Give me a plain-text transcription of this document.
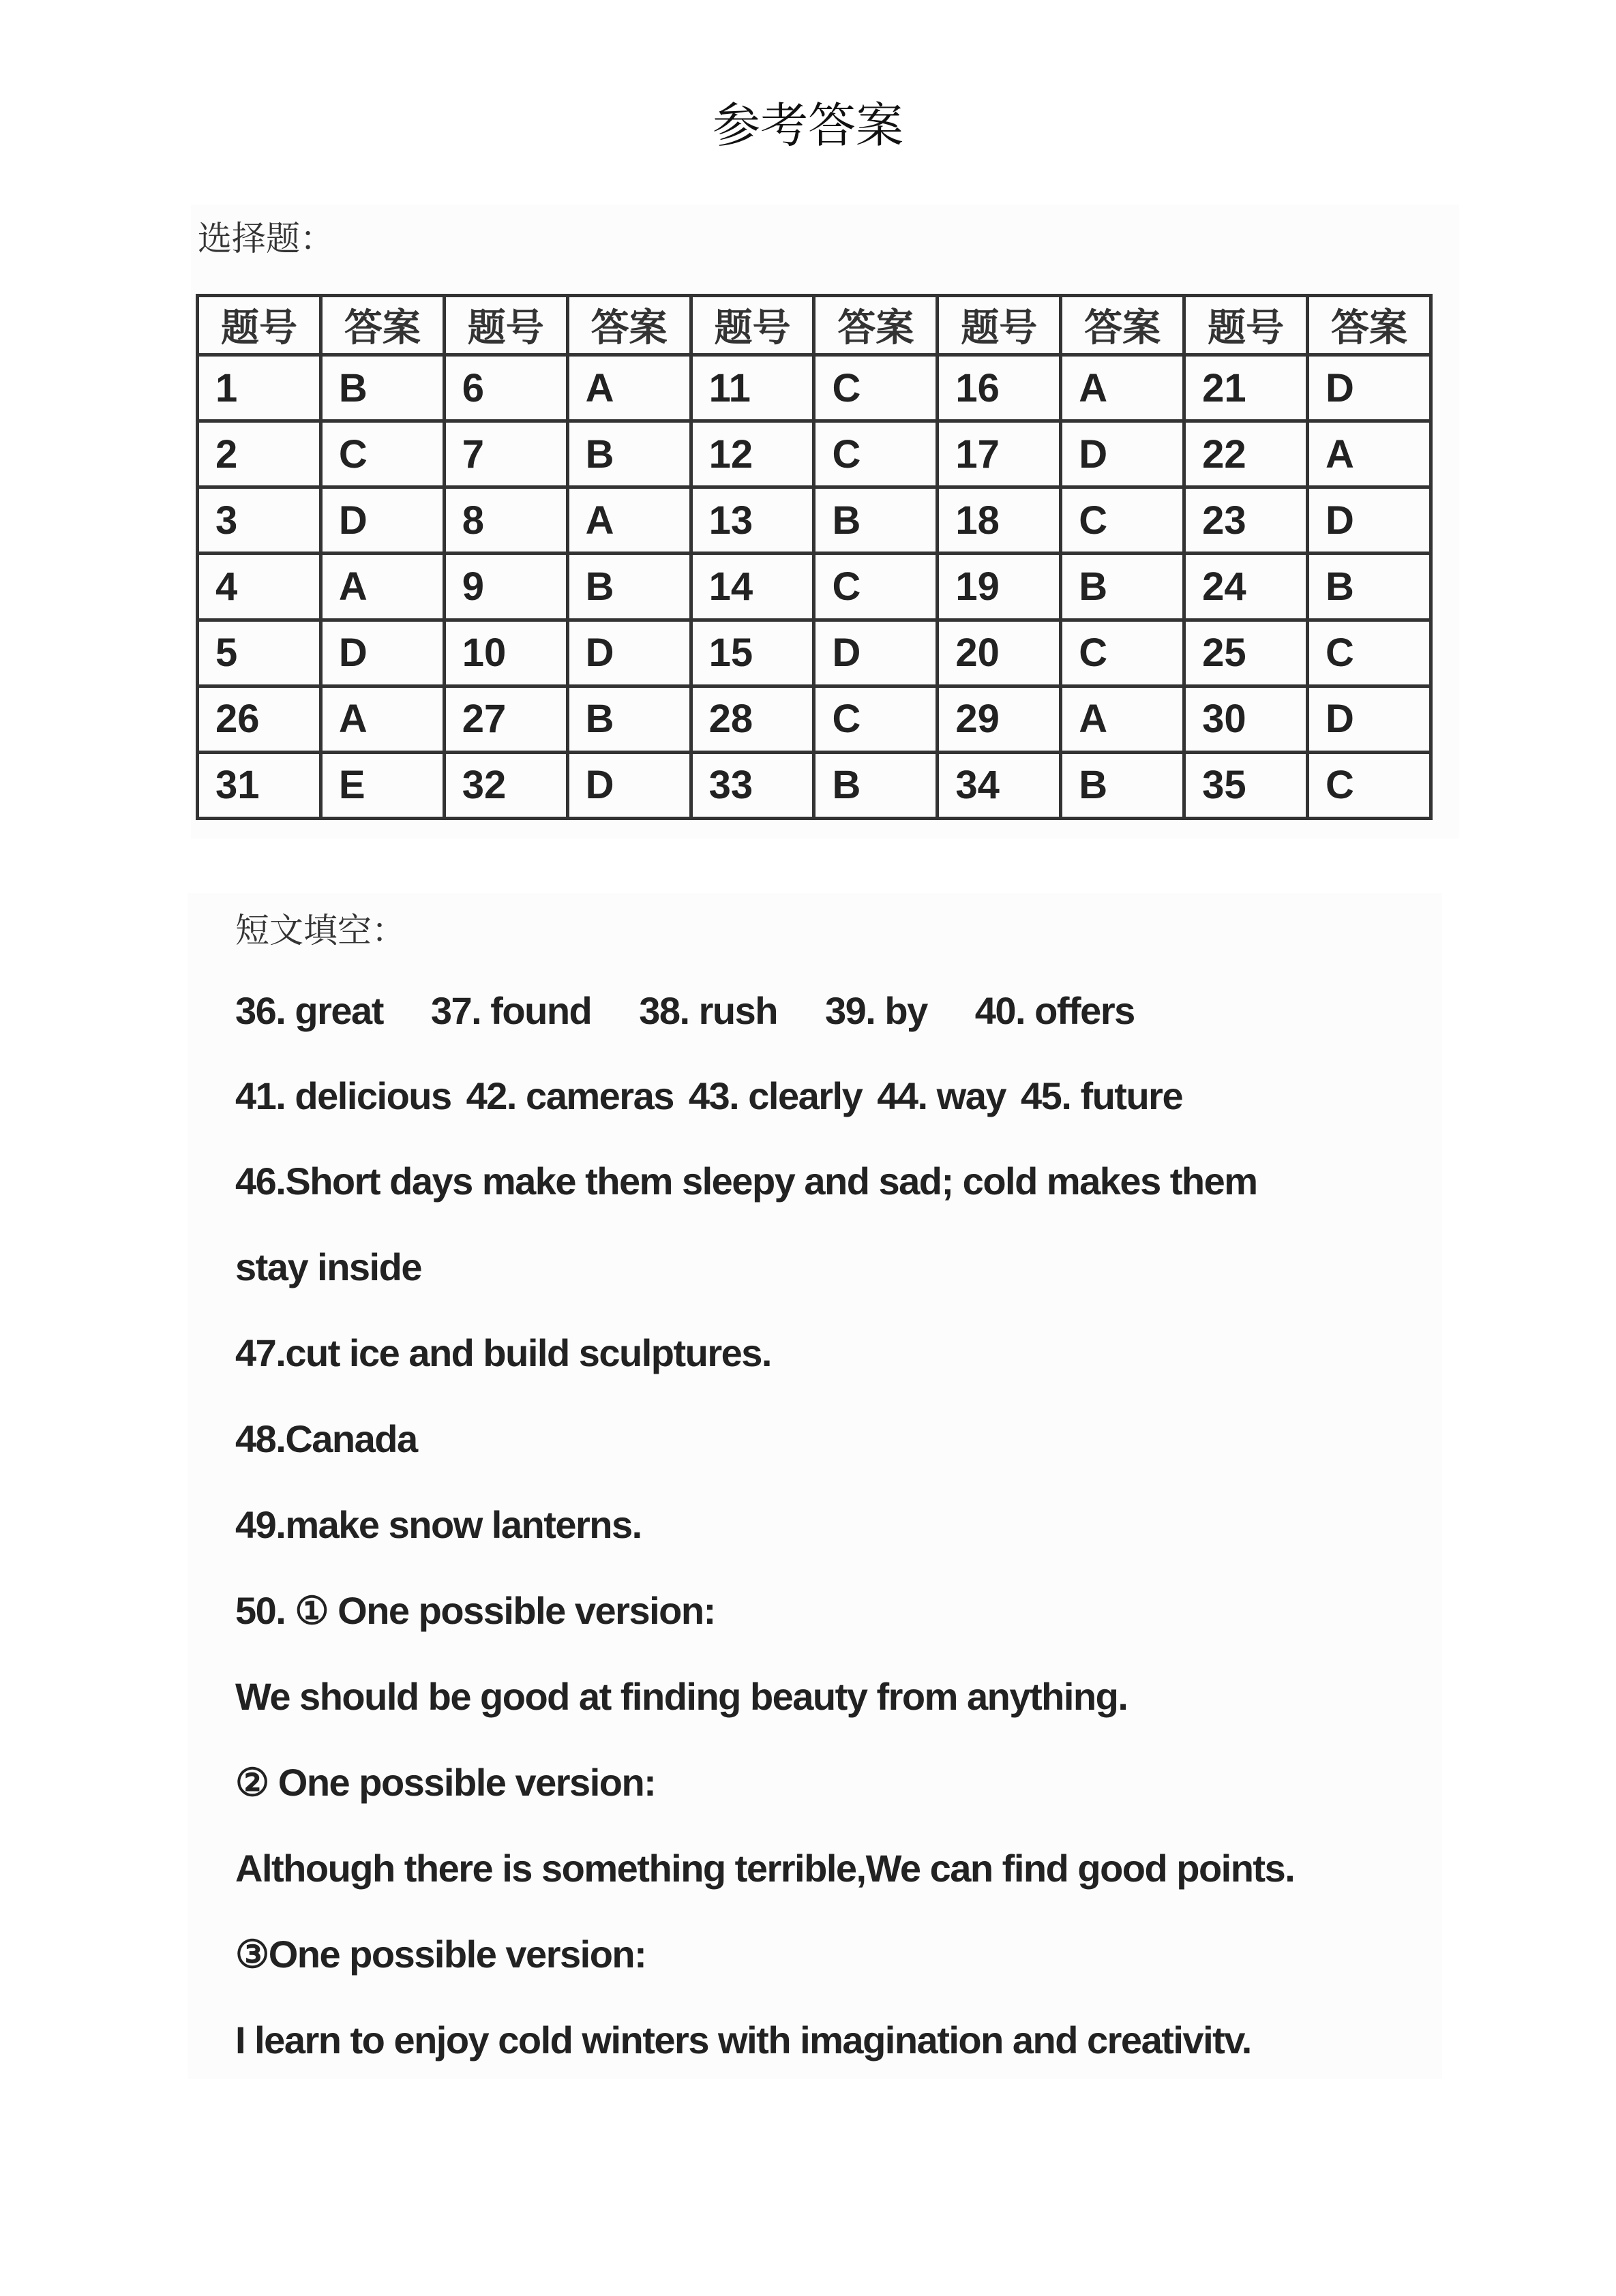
参考答案
选择题：
题号	答案	题号	答案	题号	答案	题号	答案	题号	答案
1	B	6	A	11	C	16	A	21	D
2	C	7	B	12	C	17	D	22	A
3	D	8	A	13	B	18	C	23	D
4	A	9	B	14	C	19	B	24	B
5	D	10	D	15	D	20	C	25	C
26	A	27	B	28	C	29	A	30	D
31	E	32	D	33	B	34	B	35	C
短文填空：
36. great 37. found 38. rush 39. by 40. offers
41. delicious 42. cameras 43. clearly 44. way 45. future
46.Short days make them sleepy and sad; cold makes them
stay inside
47.cut ice and build sculptures.
48.Canada
49.make snow lanterns.
50. ① One possible version:
We should be good at finding beauty from anything.
② One possible version:
Although there is something terrible,We can find good points.
③One possible version:
I learn to enjoy cold winters with imagination and creativitv.
